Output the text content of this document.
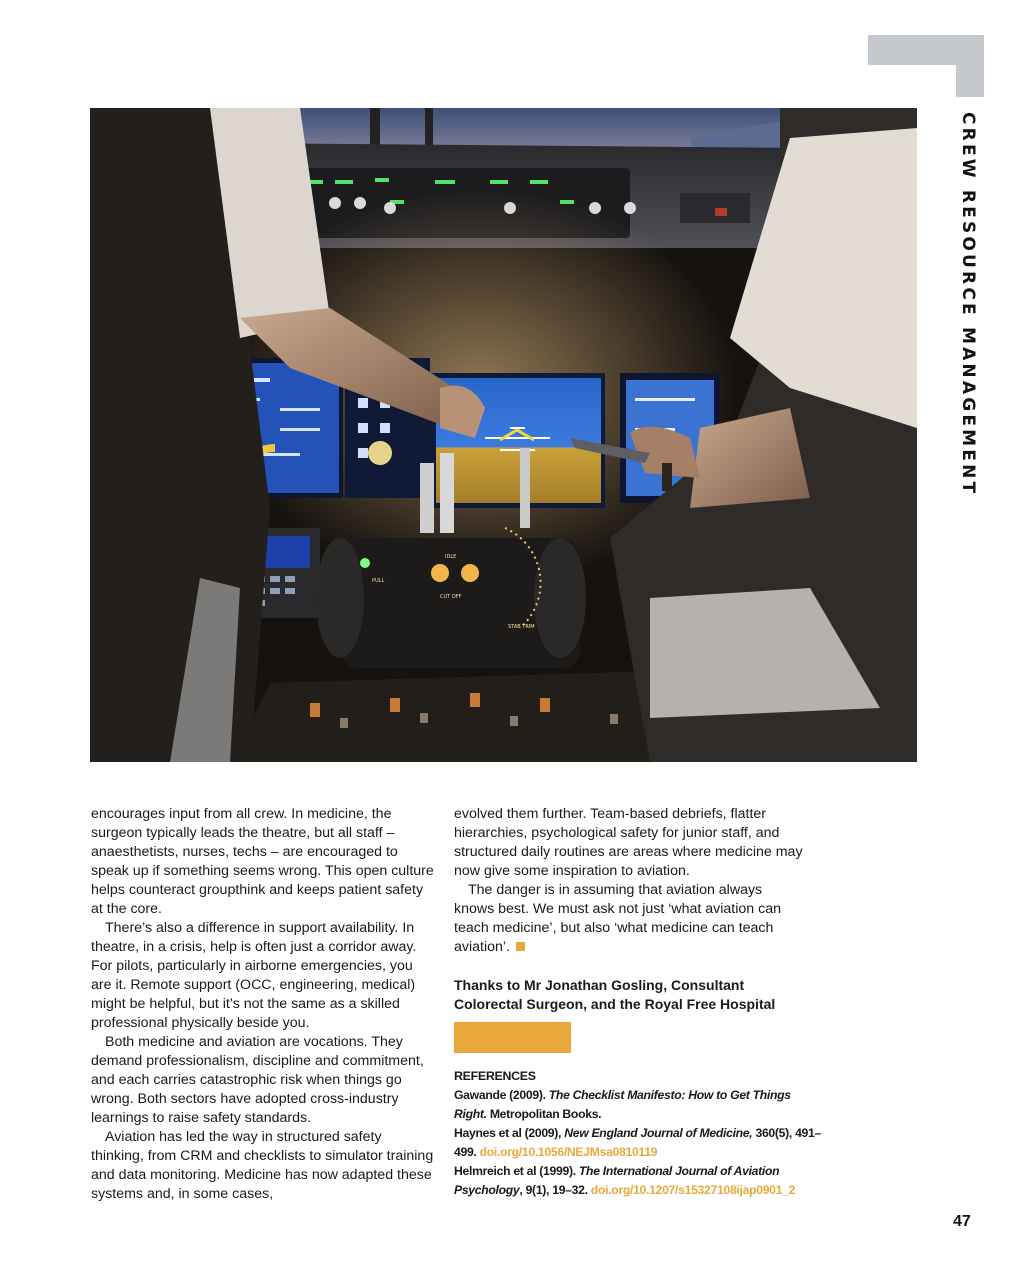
CREW RESOURCE MANAGEMENT
IDLE
CUT OFF
STAB TRIM
PULL

encourages input from all crew. In medicine, the surgeon typically leads the theatre, but all staff – anaesthetists, nurses, techs – are encouraged to speak up if something seems wrong. This open culture helps counteract groupthink and keeps patient safety at the core.

There’s also a difference in support availability. In theatre, in a crisis, help is often just a corridor away. For pilots, particularly in airborne emergencies, you are it. Remote support (OCC, engineering, medical) might be helpful, but it’s not the same as a skilled professional physically beside you.

Both medicine and aviation are vocations. They demand professionalism, discipline and commitment, and each carries catastrophic risk when things go wrong. Both sectors have adopted cross-industry learnings to raise safety standards.

Aviation has led the way in structured safety thinking, from CRM and checklists to simulator training and data monitoring. Medicine has now adapted these systems and, in some cases,

evolved them further. Team-based debriefs, flatter hierarchies, psychological safety for junior staff, and structured daily routines are areas where medicine may now give some inspiration to aviation.

The danger is in assuming that aviation always knows best. We must ask not just ‘what aviation can teach medicine’, but also ‘what medicine can teach aviation’.

Thanks to Mr Jonathan Gosling, Consultant Colorectal Surgeon, and the Royal Free Hospital
REFERENCES
Gawande (2009). The Checklist Manifesto: How to Get Things Right. Metropolitan Books.
Haynes et al (2009), New England Journal of Medicine, 360(5), 491–499. doi.org/10.1056/NEJMsa0810119
Helmreich et al (1999). The International Journal of Aviation Psychology, 9(1), 19–32. doi.org/10.1207/s15327108ijap0901_2
47
